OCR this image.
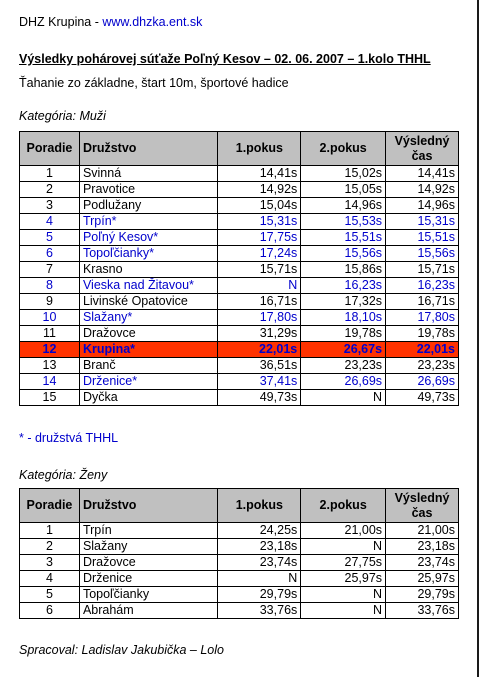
DHZ Krupina - www.dhzka.ent.sk
Výsledky pohárovej súťaže Poľný Kesov – 02. 06. 2007 – 1.kolo THHL
Ťahanie zo základne, štart 10m, športové hadice
Kategória: Muži
Poradie	Družstvo	1.pokus	2.pokus	Výsledný čas
1	Svinná	14,41s	15,02s	14,41s
2	Pravotice	14,92s	15,05s	14,92s
3	Podlužany	15,04s	14,96s	14,96s
4	Trpín*	15,31s	15,53s	15,31s
5	Poľný Kesov*	17,75s	15,51s	15,51s
6	Topoľčianky*	17,24s	15,56s	15,56s
7	Krasno	15,71s	15,86s	15,71s
8	Vieska nad Žitavou*	N	16,23s	16,23s
9	Livinské Opatovice	16,71s	17,32s	16,71s
10	Slažany*	17,80s	18,10s	17,80s
11	Dražovce	31,29s	19,78s	19,78s
12	Krupina*	22,01s	26,67s	22,01s
13	Branč	36,51s	23,23s	23,23s
14	Drženice*	37,41s	26,69s	26,69s
15	Dyčka	49,73s	N	49,73s
* - družstvá THHL
Kategória: Ženy
Poradie	Družstvo	1.pokus	2.pokus	Výsledný čas
1	Trpín	24,25s	21,00s	21,00s
2	Slažany	23,18s	N	23,18s
3	Dražovce	23,74s	27,75s	23,74s
4	Drženice	N	25,97s	25,97s
5	Topoľčianky	29,79s	N	29,79s
6	Abrahám	33,76s	N	33,76s
Spracoval: Ladislav Jakubička – Lolo
